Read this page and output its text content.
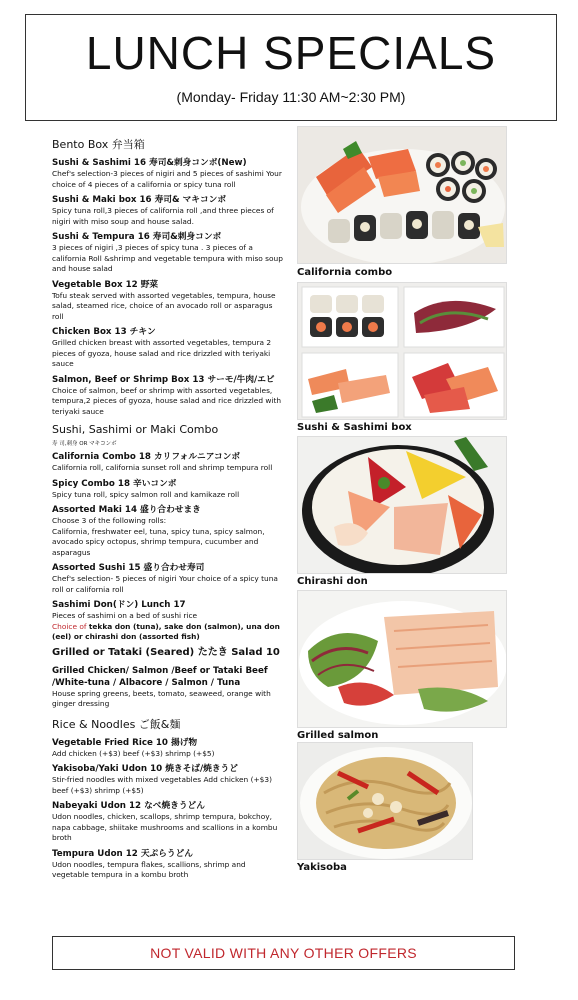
LUNCH SPECIALS
(Monday- Friday 11:30 AM~2:30 PM)
Bento Box 弁当箱
Sushi & Sashimi 16 寿司&刺身コンボ(New)
Chef's selection-3 pieces of nigiri and 5 pieces of sashimi Your choice of 4 pieces of a california or spicy tuna roll
Sushi & Maki box 16 寿司& マキコンボ
Spicy tuna roll,3 pieces of california roll ,and three pieces of nigiri with miso soup and house salad.
Sushi & Tempura 16 寿司&刺身コンボ
3 pieces of nigiri ,3 pieces of spicy tuna . 3 pieces of a california Roll &shrimp and vegetable tempura with miso soup and house salad
Vegetable Box 12 野菜
Tofu steak served with assorted vegetables, tempura, house salad, steamed rice, choice of an avocado roll or asparagus roll
Chicken Box 13 チキン
Grilled chicken breast with assorted vegetables, tempura 2 pieces of gyoza, house salad and rice drizzled with teriyaki sauce
Salmon, Beef or Shrimp Box 13 サーモ/牛肉/エビ
Choice of salmon, beef or shrimp with assorted vegetables, tempura,2 pieces of gyoza, house salad and rice drizzled with teriyaki sauce
Sushi, Sashimi or Maki Combo
寿 司,刺身 OR マキコンボ
California Combo 18 カリフォルニアコンボ
California roll, california sunset roll and shrimp tempura roll
Spicy Combo 18 辛いコンボ
Spicy tuna roll, spicy salmon roll and kamikaze roll
Assorted Maki 14 盛り合わせまき
Choose 3 of the following rolls:
California, freshwater eel, tuna, spicy tuna, spicy salmon, avocado spicy octopus, shrimp tempura, cucumber and asparagus
Assorted Sushi 15 盛り合わせ寿司
Chef's selection- 5 pieces of nigiri Your choice of a spicy tuna roll or california roll
Sashimi Don(ドン) Lunch 17
Pieces of sashimi on a bed of sushi rice
Choice of tekka don (tuna), sake don (salmon), una don (eel) or chirashi don (assorted fish)
Grilled or Tataki (Seared) たたき Salad 10
Grilled Chicken/ Salmon /Beef or Tataki Beef /White-tuna / Albacore / Salmon / Tuna
House spring greens, beets, tomato, seaweed, orange with ginger dressing
Rice & Noodles ご飯&麺
Vegetable Fried Rice 10 揚げ物
Add chicken (+$3) beef (+$3) shrimp (+$5)
Yakisoba/Yaki Udon 10 焼きそば/焼きうど
Stir-fried noodles with mixed vegetables Add chicken (+$3) beef (+$3) shrimp (+$5)
Nabeyaki Udon 12 なべ焼きうどん
Udon noodles, chicken, scallops, shrimp tempura, bokchoy, napa cabbage, shiitake mushrooms and scallions in a kombu broth
Tempura Udon 12 天ぷらうどん
Udon noodles, tempura flakes, scallions, shrimp and vegetable tempura in a kombu broth
California combo
Sushi & Sashimi box
Chirashi don
Grilled salmon
Yakisoba
NOT VALID WITH ANY OTHER OFFERS
